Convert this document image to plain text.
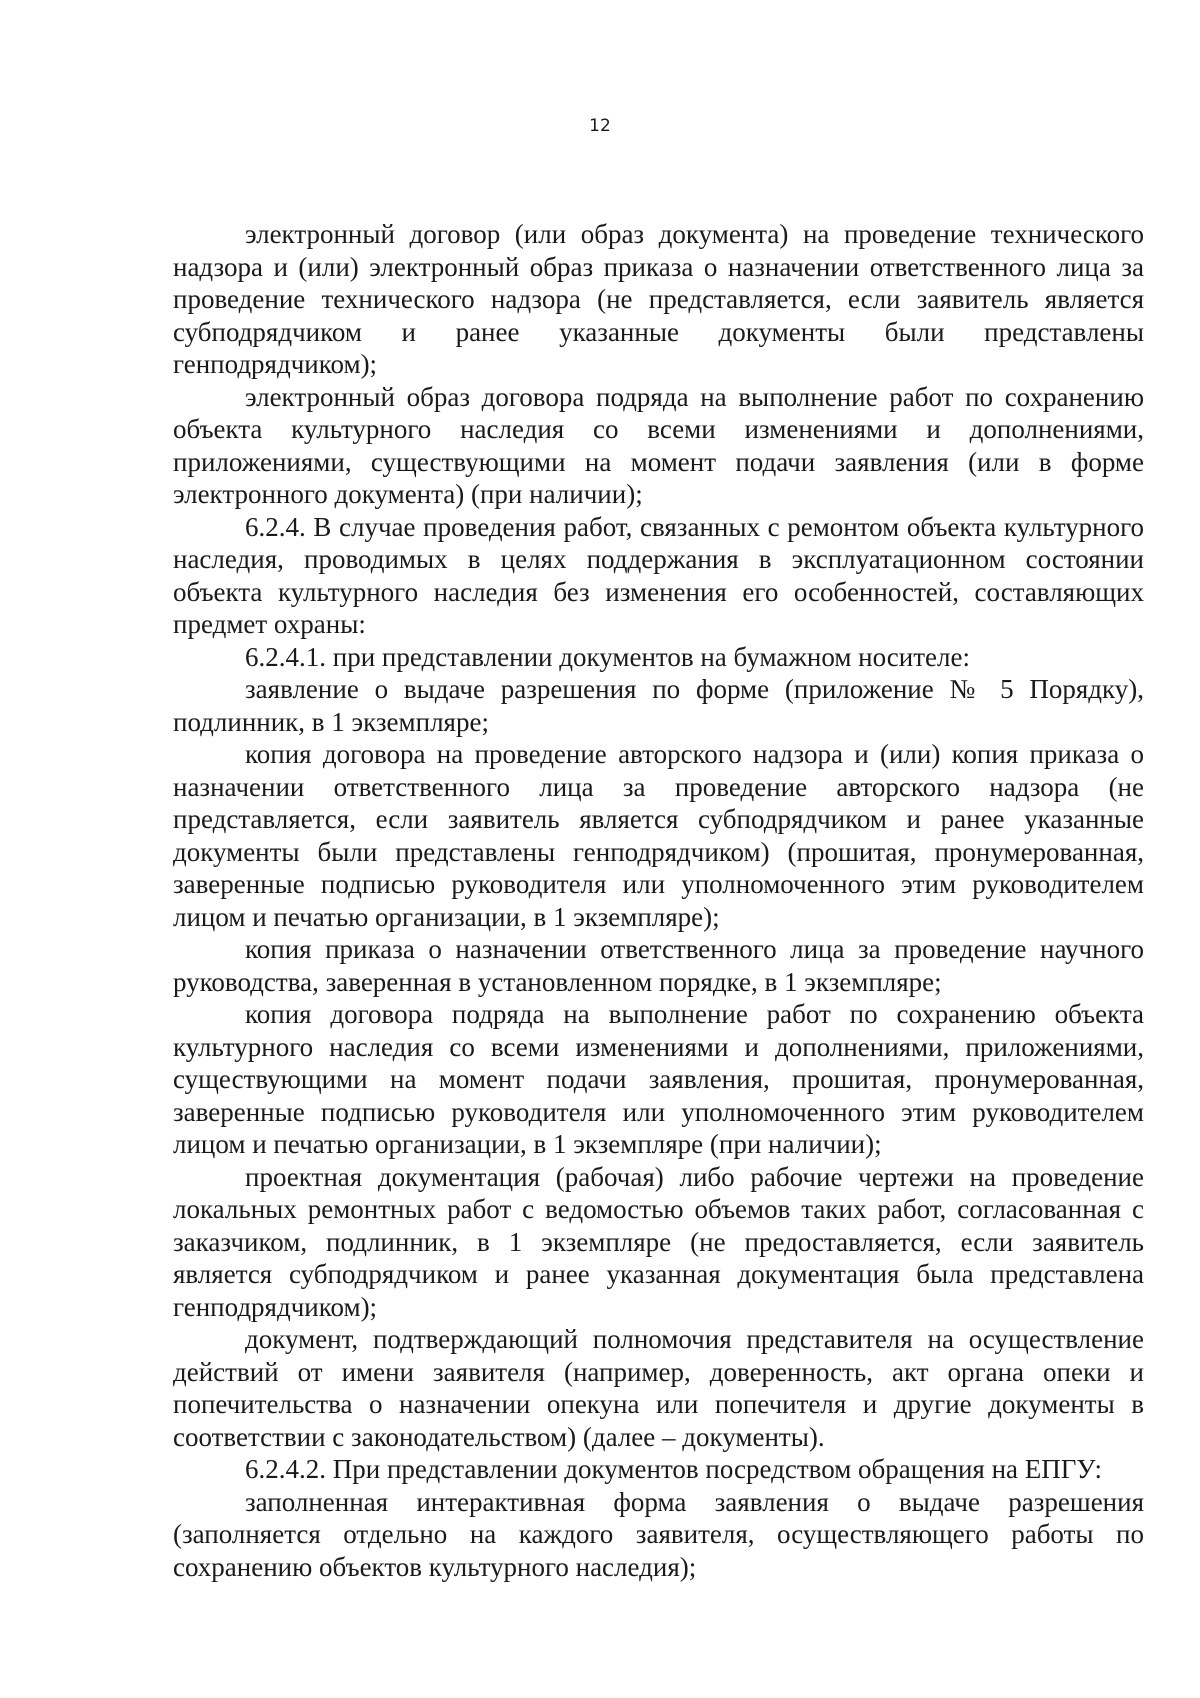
12

электронный договор (или образ документа) на проведение технического надзора и (или) электронный образ приказа о назначении ответственного лица за проведение технического надзора (не представляется, если заявитель является субподрядчиком и ранее указанные документы были представлены генподрядчиком);

электронный образ договора подряда на выполнение работ по сохранению объекта культурного наследия со всеми изменениями и дополнениями, приложениями, существующими на момент подачи заявления (или в форме электронного документа) (при наличии);

6.2.4. В случае проведения работ, связанных с ремонтом объекта культурного наследия, проводимых в целях поддержания в эксплуатационном состоянии объекта культурного наследия без изменения его особенностей, составляющих предмет охраны:

6.2.4.1. при представлении документов на бумажном носителе:

заявление о выдаче разрешения по форме (приложение № 5 Порядку), подлинник, в 1 экземпляре;

копия договора на проведение авторского надзора и (или) копия приказа о назначении ответственного лица за проведение авторского надзора (не представляется, если заявитель является субподрядчиком и ранее указанные документы были представлены генподрядчиком) (прошитая, пронумерованная, заверенные подписью руководителя или уполномоченного этим руководителем лицом и печатью организации, в 1 экземпляре);

копия приказа о назначении ответственного лица за проведение научного руководства, заверенная в установленном порядке, в 1 экземпляре;

копия договора подряда на выполнение работ по сохранению объекта культурного наследия со всеми изменениями и дополнениями, приложениями, существующими на момент подачи заявления, прошитая, пронумерованная, заверенные подписью руководителя или уполномоченного этим руководителем лицом и печатью организации, в 1 экземпляре (при наличии);

проектная документация (рабочая) либо рабочие чертежи на проведение локальных ремонтных работ с ведомостью объемов таких работ, согласованная с заказчиком, подлинник, в 1 экземпляре (не предоставляется, если заявитель является субподрядчиком и ранее указанная документация была представлена генподрядчиком);

документ, подтверждающий полномочия представителя на осуществление действий от имени заявителя (например, доверенность, акт органа опеки и попечительства о назначении опекуна или попечителя и другие документы в соответствии с законодательством) (далее – документы).

6.2.4.2. При представлении документов посредством обращения на ЕПГУ:

заполненная интерактивная форма заявления о выдаче разрешения (заполняется отдельно на каждого заявителя, осуществляющего работы по сохранению объектов культурного наследия);
